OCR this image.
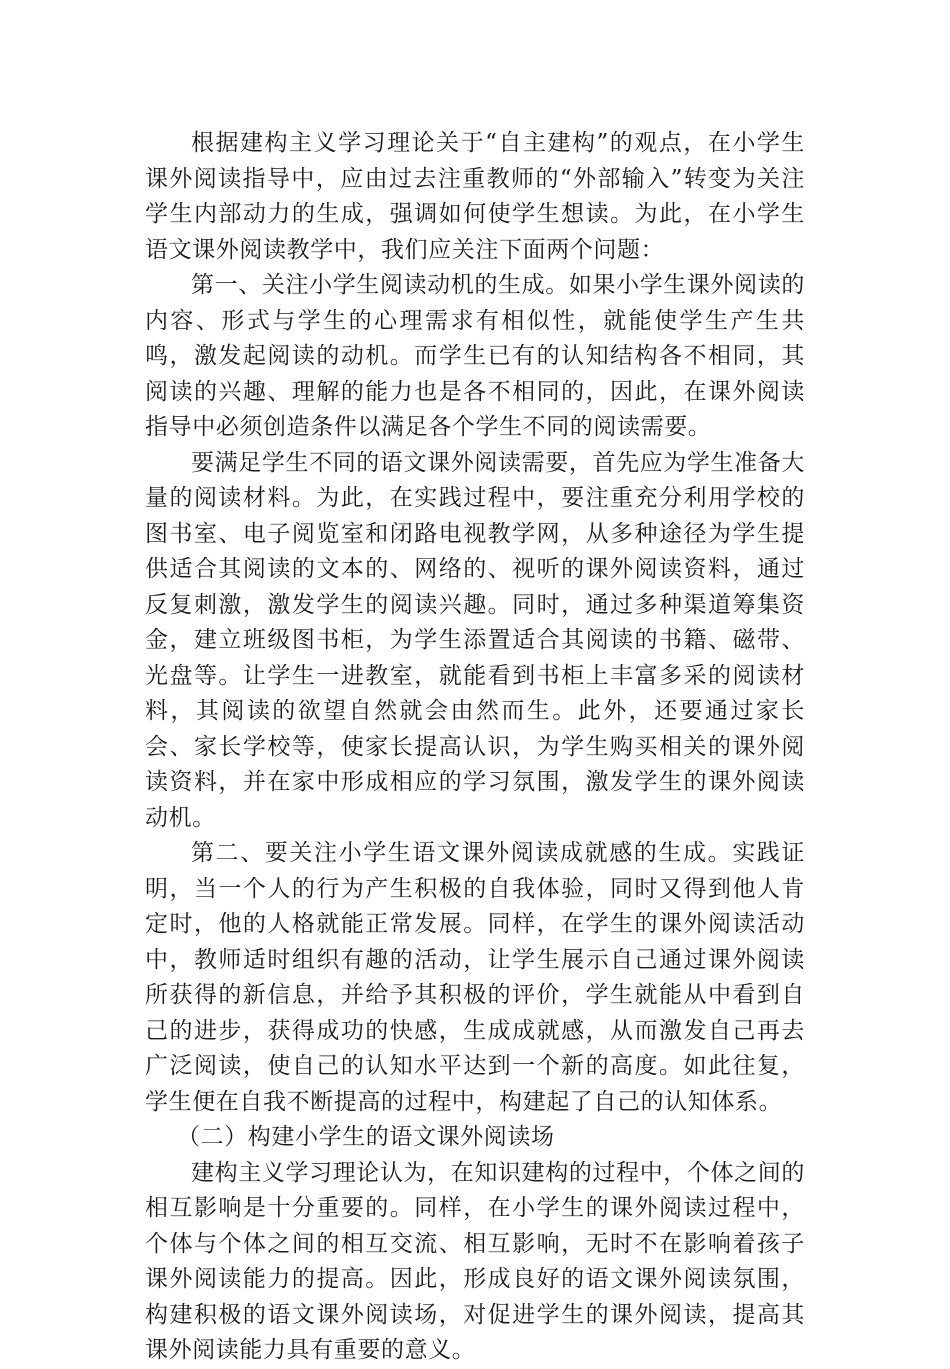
根据建构主义学习理论关于“自主建构”的观点，在小学生课外阅读指导中，应由过去注重教师的“外部输入”转变为关注学生内部动力的生成，强调如何使学生想读。为此，在小学生语文课外阅读教学中，我们应关注下面两个问题：

第一、关注小学生阅读动机的生成。如果小学生课外阅读的内容、形式与学生的心理需求有相似性，就能使学生产生共鸣，激发起阅读的动机。而学生已有的认知结构各不相同，其阅读的兴趣、理解的能力也是各不相同的，因此，在课外阅读指导中必须创造条件以满足各个学生不同的阅读需要。

要满足学生不同的语文课外阅读需要，首先应为学生准备大量的阅读材料。为此，在实践过程中，要注重充分利用学校的图书室、电子阅览室和闭路电视教学网，从多种途径为学生提供适合其阅读的文本的、网络的、视听的课外阅读资料，通过反复刺激，激发学生的阅读兴趣。同时，通过多种渠道筹集资金，建立班级图书柜，为学生添置适合其阅读的书籍、磁带、光盘等。让学生一进教室，就能看到书柜上丰富多采的阅读材料，其阅读的欲望自然就会由然而生。此外，还要通过家长会、家长学校等，使家长提高认识，为学生购买相关的课外阅读资料，并在家中形成相应的学习氛围，激发学生的课外阅读动机。

第二、要关注小学生语文课外阅读成就感的生成。实践证明，当一个人的行为产生积极的自我体验，同时又得到他人肯定时，他的人格就能正常发展。同样，在学生的课外阅读活动中，教师适时组织有趣的活动，让学生展示自己通过课外阅读所获得的新信息，并给予其积极的评价，学生就能从中看到自己的进步，获得成功的快感，生成成就感，从而激发自己再去广泛阅读，使自己的认知水平达到一个新的高度。如此往复，学生便在自我不断提高的过程中，构建起了自己的认知体系。

（二）构建小学生的语文课外阅读场

建构主义学习理论认为，在知识建构的过程中，个体之间的相互影响是十分重要的。同样，在小学生的课外阅读过程中，个体与个体之间的相互交流、相互影响，无时不在影响着孩子课外阅读能力的提高。因此，形成良好的语文课外阅读氛围，构建积极的语文课外阅读场，对促进学生的课外阅读，提高其课外阅读能力具有重要的意义。
